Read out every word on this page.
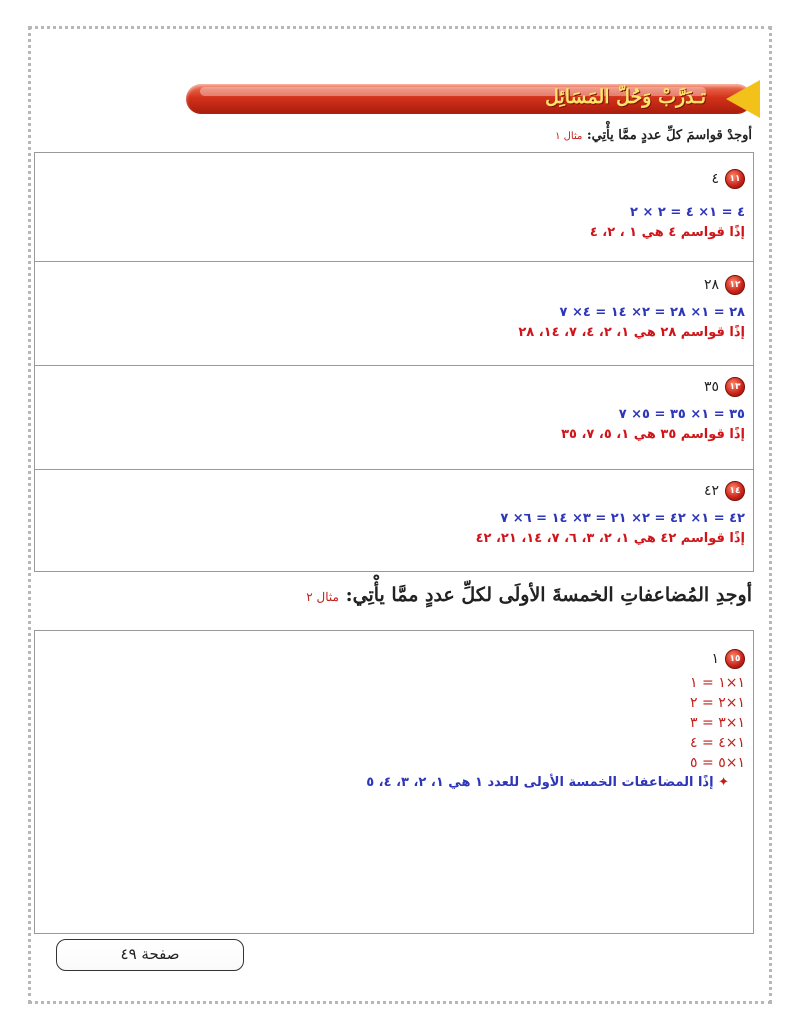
تـدَرَّبْ وَحُلّ المَسَائِل
أوجدْ قواسمَ كلِّ عددٍ ممَّا يأْتِي: مثال ١
١١
٤
٤ = ١× ٤ = ٢ × ٢
إذًا قواسم ٤ هي ١ ، ٢، ٤
١٢
٢٨
٢٨ = ١× ٢٨ = ٢× ١٤ = ٤× ٧
إذًا قواسم ٢٨ هي ١، ٢، ٤، ٧، ١٤، ٢٨
١٣
٣٥
٣٥ = ١× ٣٥ = ٥× ٧
إذًا قواسم ٣٥ هي ١، ٥، ٧، ٣٥
١٤
٤٢
٤٢ = ١× ٤٢ = ٢× ٢١ = ٣× ١٤ = ٦× ٧
إذًا قواسم ٤٢ هي ١، ٢، ٣، ٦، ٧، ١٤، ٢١، ٤٢
أوجدِ المُضاعفاتِ الخمسةَ الأولَى لكلِّ عددٍ ممَّا يأْتِي: مثال ٢
١٥
١
١×١ = ١
١×٢ = ٢
١×٣ = ٣
١×٤ = ٤
١×٥ = ٥
✦ إذًا المضاعفات الخمسة الأولى للعدد ١ هي ١، ٢، ٣، ٤، ٥
صفحة ٤٩
